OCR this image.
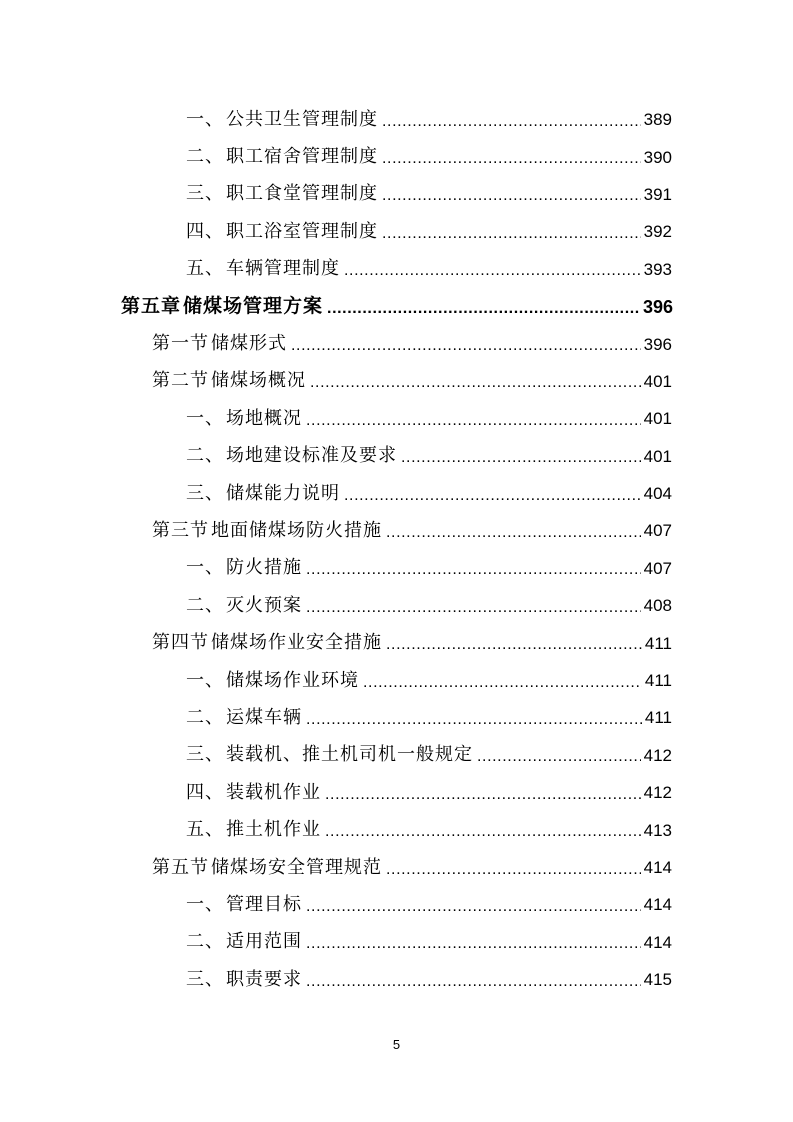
一、 公共卫生管理制度 .....	389
二、 职工宿舍管理制度 .....	390
三、 职工食堂管理制度 .....	391
四、 职工浴室管理制度 .....	392
五、 车辆管理制度 .....	393
第五章 储煤场管理方案 .....	396
第一节 储煤形式 .....	396
第二节 储煤场概况 .....	401
一、 场地概况 .....	401
二、 场地建设标准及要求 .....	401
三、 储煤能力说明 .....	404
第三节 地面储煤场防火措施 .....	407
一、 防火措施 .....	407
二、 灭火预案 .....	408
第四节 储煤场作业安全措施 .....	411
一、 储煤场作业环境 .....	411
二、 运煤车辆 .....	411
三、 装载机、推土机司机一般规定 .....	412
四、 装载机作业 .....	412
五、 推土机作业 .....	413
第五节 储煤场安全管理规范 .....	414
一、 管理目标 .....	414
二、 适用范围 .....	414
三、 职责要求 .....	415
5
